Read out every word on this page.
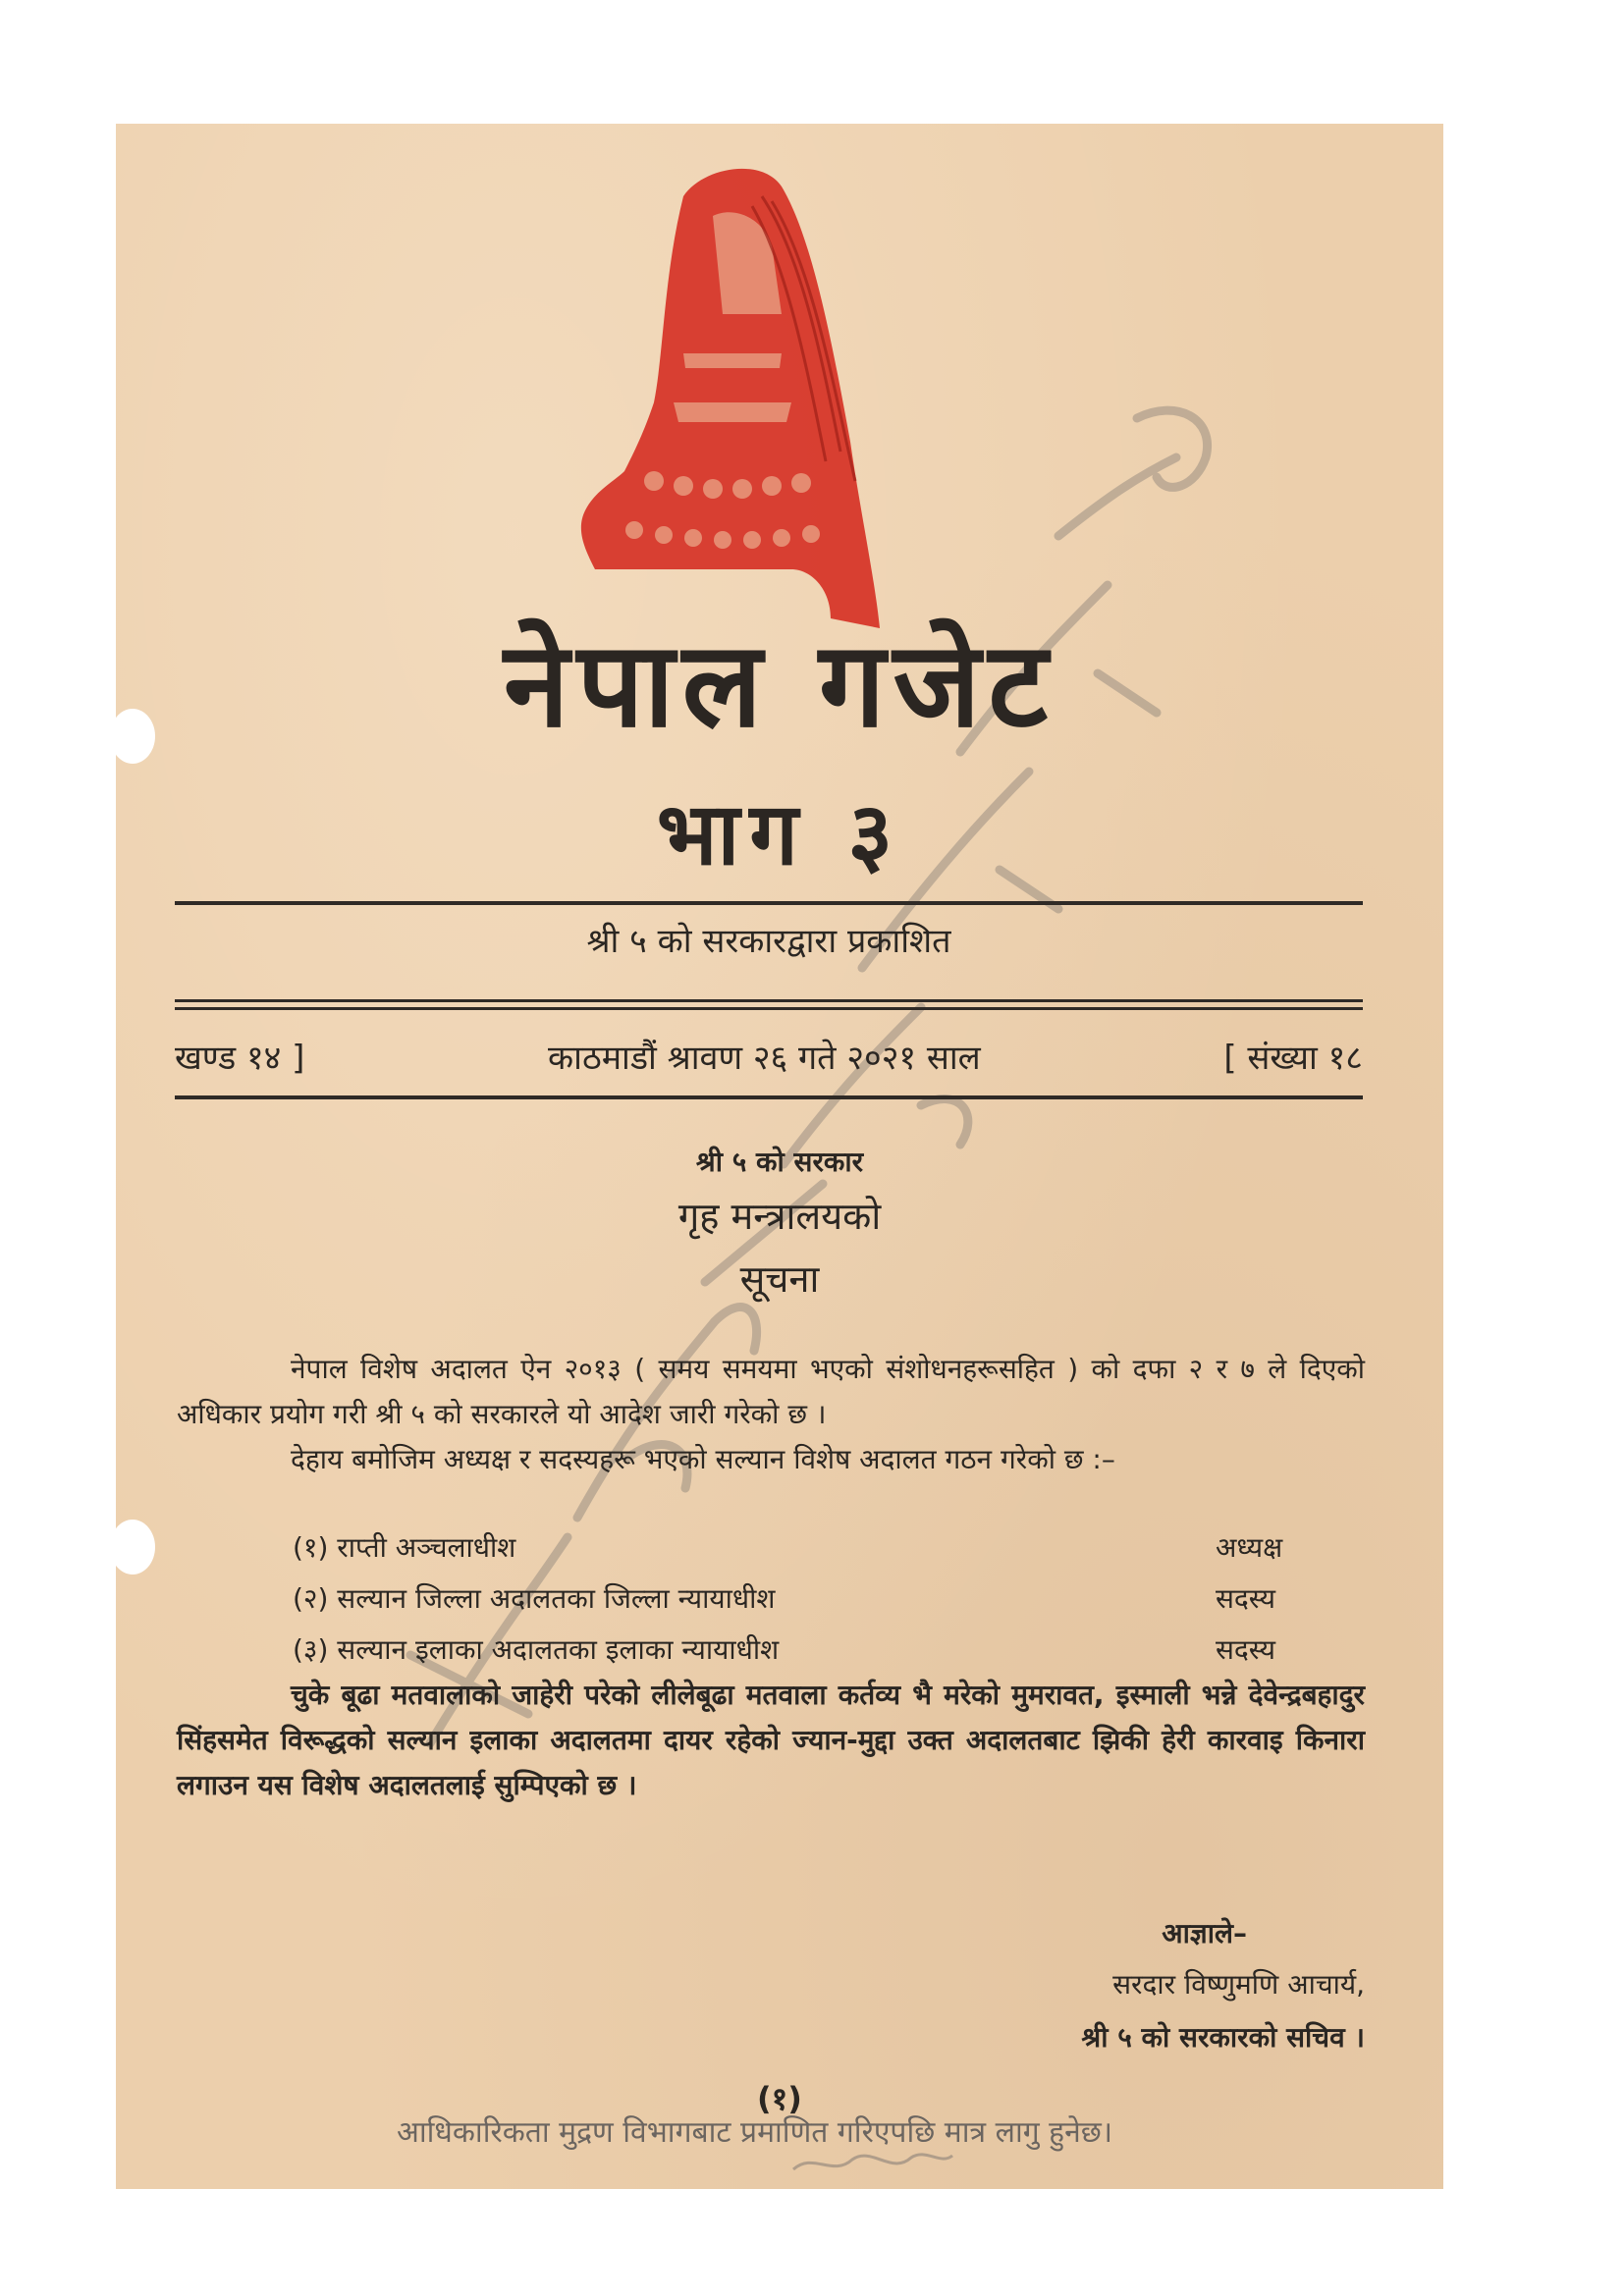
नेपाल गजेट
भाग ३
श्री ५ को सरकारद्वारा प्रकाशित
खण्ड १४ ]	काठमाडौं श्रावण २६ गते २०२१ साल	[ संख्या १८
श्री ५ को सरकार
गृह मन्त्रालयको
सूचना

नेपाल विशेष अदालत ऐन २०१३ ( समय समयमा भएको संशोधनहरूसहित ) को दफा २ र ७ ले दिएको अधिकार प्रयोग गरी श्री ५ को सरकारले यो आदेश जारी गरेको छ ।

देहाय बमोजिम अध्यक्ष र सदस्यहरू भएको सल्यान विशेष अदालत गठन गरेको छ :–

(१) राप्ती अञ्चलाधीश	अध्यक्ष
(२) सल्यान जिल्ला अदालतका जिल्ला न्यायाधीश	सदस्य
(३) सल्यान इलाका अदालतका इलाका न्यायाधीश	सदस्य

चुके बूढा मतवालाको जाहेरी परेको लीलेबूढा मतवाला कर्तव्य भै मरेको मुमरावत, इस्माली भन्ने देवेन्द्रबहादुर सिंहसमेत विरूद्धको सल्यान इलाका अदालतमा दायर रहेको ज्यान-मुद्दा उक्त अदालतबाट झिकी हेरी कारवाइ किनारा लगाउन यस विशेष अदालतलाई सुम्पिएको छ ।

आज्ञाले–
सरदार विष्णुमणि आचार्य,
श्री ५ को सरकारको सचिव ।
(१)
आधिकारिकता मुद्रण विभागबाट प्रमाणित गरिएपछि मात्र लागु हुनेछ।
